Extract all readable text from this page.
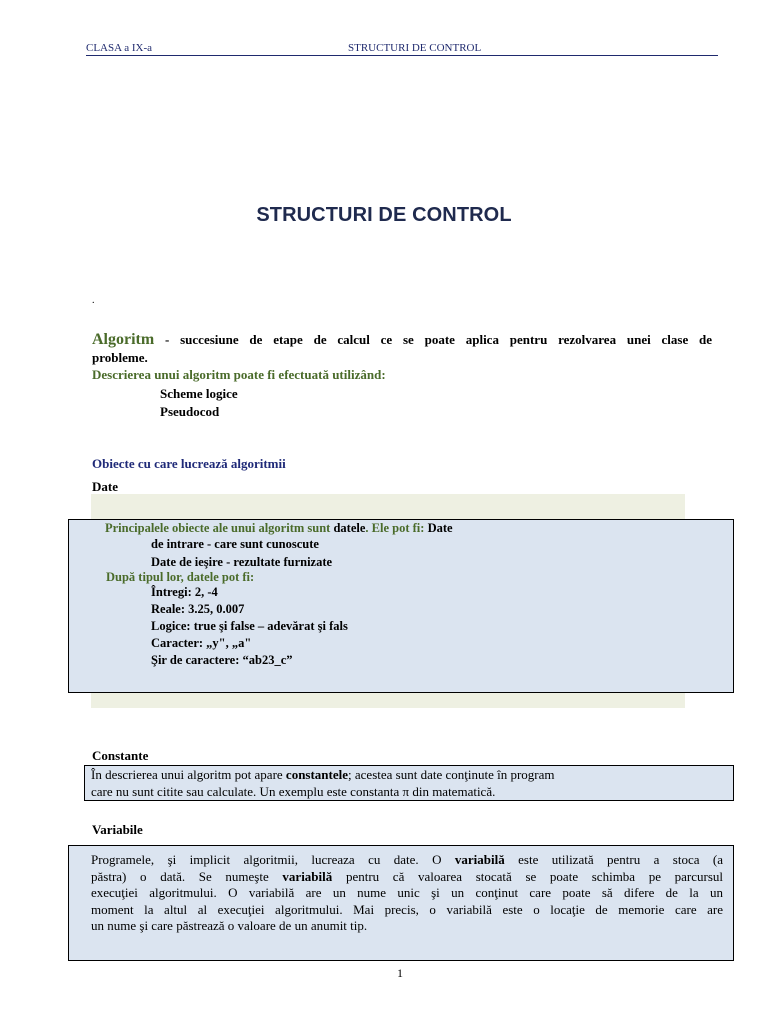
CLASA a IX-a	STRUCTURI DE CONTROL
STRUCTURI DE CONTROL
.
Algoritm - succesiune de etape de calcul ce se poate aplica pentru rezolvarea unei clase de
probleme.
Descrierea unui algoritm poate fi efectuată utilizând:
Scheme logice
Pseudocod
Obiecte cu care lucrează algoritmii
Date
Principalele obiecte ale unui algoritm sunt datele. Ele pot fi: Date
de intrare - care sunt cunoscute
Date de ieşire - rezultate furnizate
După tipul lor, datele pot fi:
Întregi: 2, -4
Reale: 3.25, 0.007
Logice: true şi false – adevărat şi fals
Caracter: „y", „a"
Şir de caractere: “ab23_c”
Constante
În descrierea unui algoritm pot apare constantele; acestea sunt date conţinute în program
care nu sunt citite sau calculate. Un exemplu este constanta π din matematică.
Variabile
Programele, şi implicit algoritmii, lucreaza cu date. O variabilă este utilizată pentru a stoca (a
păstra) o dată. Se numeşte variabilă pentru că valoarea stocată se poate schimba pe parcursul
execuţiei algoritmului. O variabilă are un nume unic şi un conţinut care poate să difere de la un
moment la altul al execuţiei algoritmului. Mai precis, o variabilă este o locaţie de memorie care are
un nume şi care păstrează o valoare de un anumit tip.
1
